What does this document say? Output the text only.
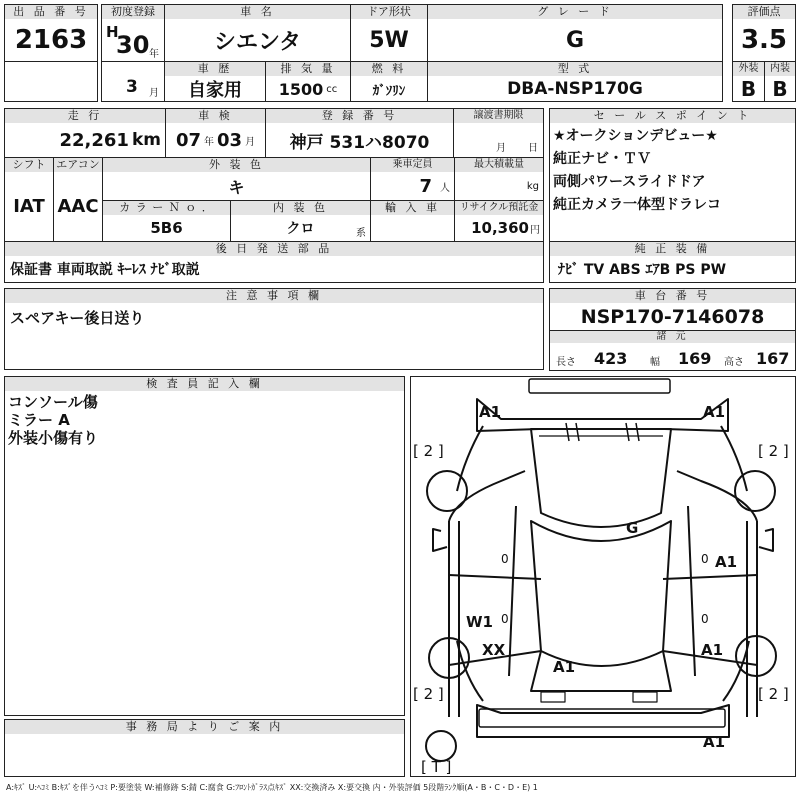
出 品 番 号
2163
初度登録
H
30 年
3 月
車 名
シエンタ
ドア形状
5W
グ レ ー ド
G
評価点
3.5
車 歴
自家用
排 気 量
1500 cc
燃 料
ｶﾞｿﾘﾝ
型 式
DBA-NSP170G
外装
B
内装
B
走 行
22,261 km
車 検
07 年 03 月
登 録 番 号
神戸 531ハ8070
譲渡書期限
月 日
セ ー ル ス ポ イ ン ト
★オークションデビュー★
純正ナビ・ＴＶ
両側パワースライドドア
純正カメラ一体型ドラレコ
シフト
IAT
エアコン
AAC
外 装 色
キ
乗車定員
7 人
最大積載量
kg
カ ラ ー Ｎ ｏ ．
5B6
内 装 色
クロ	系
輸 入 車	リサイクル預託金
10,360 円
後 日 発 送 部 品
保証書 車両取説 ｷｰﾚｽ ﾅﾋﾞ取説
純 正 装 備
ﾅﾋﾞ TV ABS ｴｱB PS PW
注 意 事 項 欄
スペアキー後日送り
車 台 番 号
NSP170-7146078
諸 元
長さ 423 幅 169 高さ 167
検 査 員 記 入 欄
コンソール傷
ミラー A
外装小傷有り
事 務 局 よ り ご 案 内
A1	A1
G
A1
W1
XX
A1
A1
A1
[ 2 ]	[ 2 ]
[ 2 ]	[ 2 ]
[ T ]
0	0
0	0
A:ｷｽﾞ U:ﾍｺﾐ B:ｷｽﾞを伴うﾍｺﾐ P:要塗装 W:補修跡 S:錆 C:腐食 G:ﾌﾛﾝﾄｶﾞﾗｽ点ｷｽﾞ XX:交換済み X:要交換 内・外装評価 5段階ﾗﾝｸ順(A・B・C・D・E) 1
